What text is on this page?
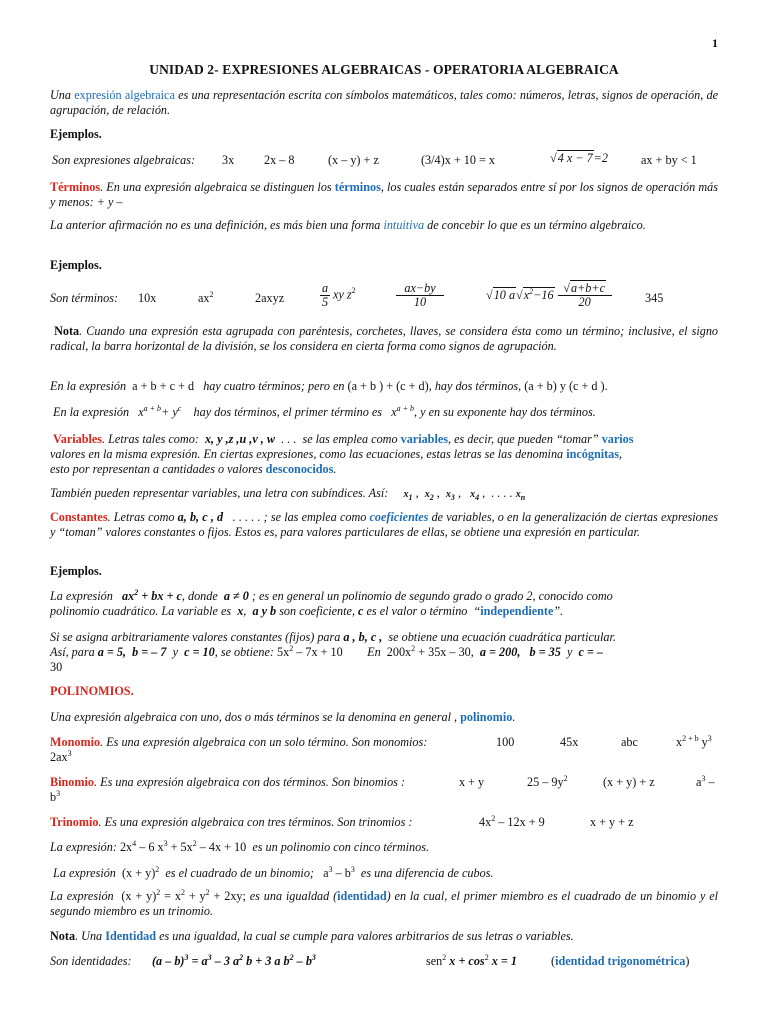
1
UNIDAD 2- EXPRESIONES ALGEBRAICAS - OPERATORIA ALGEBRAICA
Una expresión algebraica es una representación escrita con símbolos matemáticos, tales como: números, letras, signos de operación, de agrupación, de relación.
Ejemplos.
Son expresiones algebraicas: 3x 2x – 8	(x – y) + z	(3/4)x + 10 = x	√4 x − 7=2	ax + by < 1
Términos. En una expresión algebraica se distinguen los términos, los cuales están separados entre sí por los signos de operación más y menos: + y –
La anterior afirmación no es una definición, es más bien una forma intuitiva de concebir lo que es un término algebraico.
Ejemplos.
Son términos: 10x	$ax^2$	2axyz	$\frac{a}{5}$ xy $z^2$	$\frac{ax-by}{10}$	√10 $a√x^2-16 \frac{√a+b+c}{20}$	345
Nota. Cuando una expresión esta agrupada con paréntesis, corchetes, llaves, se considera ésta como un término; inclusive, el signo radical, la barra horizontal de la división, se los considera en cierta forma como signos de agrupación.
En la expresión a + b + c + d hay cuatro términos; pero en (a + b ) + (c + d), hay dos términos, (a + b) y (c + d ).
En la expresión $x^{a + b}+ y^c$ hay dos términos, el primer término es $x^{a + b}$, y en su exponente hay dos términos.
Variables. Letras tales como: x, y ,z ,u ,v , w . . . se las emplea como variables, es decir, que pueden “tomar” varios
valores en la misma expresión. En ciertas expresiones, como las ecuaciones, estas letras se las denomina incógnitas,
esto por representan a cantidades o valores desconocidos.
También pueden representar variables, una letra con subíndices. Así: $x_1$ ,  $x_2$ ,  $x_3$ ,   $x_4$ ,  . . . . $x_n$
Constantes. Letras como a, b, c , d . . . . . ; se las emplea como coeficientes de variables, o en la generalización de ciertas expresiones y “toman” valores constantes o fijos. Estos es, para valores particulares de ellas, se obtiene una expresión en particular.
Ejemplos.
La expresión $ax^2$ + bx + c, donde a ≠ 0 ; es en general un polinomio de segundo grado o grado 2, conocido como
polinomio cuadrático. La variable es x,  a y b son coeficiente, c es el valor o término  “independiente”.
Si se asigna arbitrariamente valores constantes (fijos) para a , b, c , se obtiene una ecuación cuadrática particular.
Así, para a = 5, b = – 7 y c = 10, se obtiene: $5x^2 - 7x + 10$ En $200x^2 + 35x - 30$, a = 200, b = 35 y c = –
30
POLINOMIOS.
Una expresión algebraica con uno, dos o más términos se la denomina en general , polinomio.
Monomio. Es una expresión algebraica con un solo término. Son monomios:	100	45x	abc	$x^{2 + b}$ $y^3$
$2ax^3$
Binomio. Es una expresión algebraica con dos términos. Son binomios :	x + y	$25 - 9y^2$	(x + y) + z	$a^3$ –
$b^3$
Trinomio. Es una expresión algebraica con tres términos. Son trinomios :	$4x^2 - 12x + 9$	x + y + z
La expresión: $2x^4 - 6$ $x^3 + 5x^2 - 4x + 10$ es un polinomio con cinco términos.
La expresión $(x + y)^2$ es el cuadrado de un binomio; $a^3 - b^3$ es una diferencia de cubos.
La expresión $(x + y)^2 = x^2 + y^2 + 2xy$; es una igualdad (identidad) en la cual, el primer miembro es el cuadrado de un binomio y el segundo miembro es un trinomio.
Nota. Una Identidad es una igualdad, la cual se cumple para valores arbitrarios de sus letras o variables.
Son identidades: $(a - b)^3 = a^3 - 3$ $a^2$ b + 3 a $b^2 - b^3$	sen$^2$ $x + \cos^2 x = 1$	(identidad trigonométrica)
